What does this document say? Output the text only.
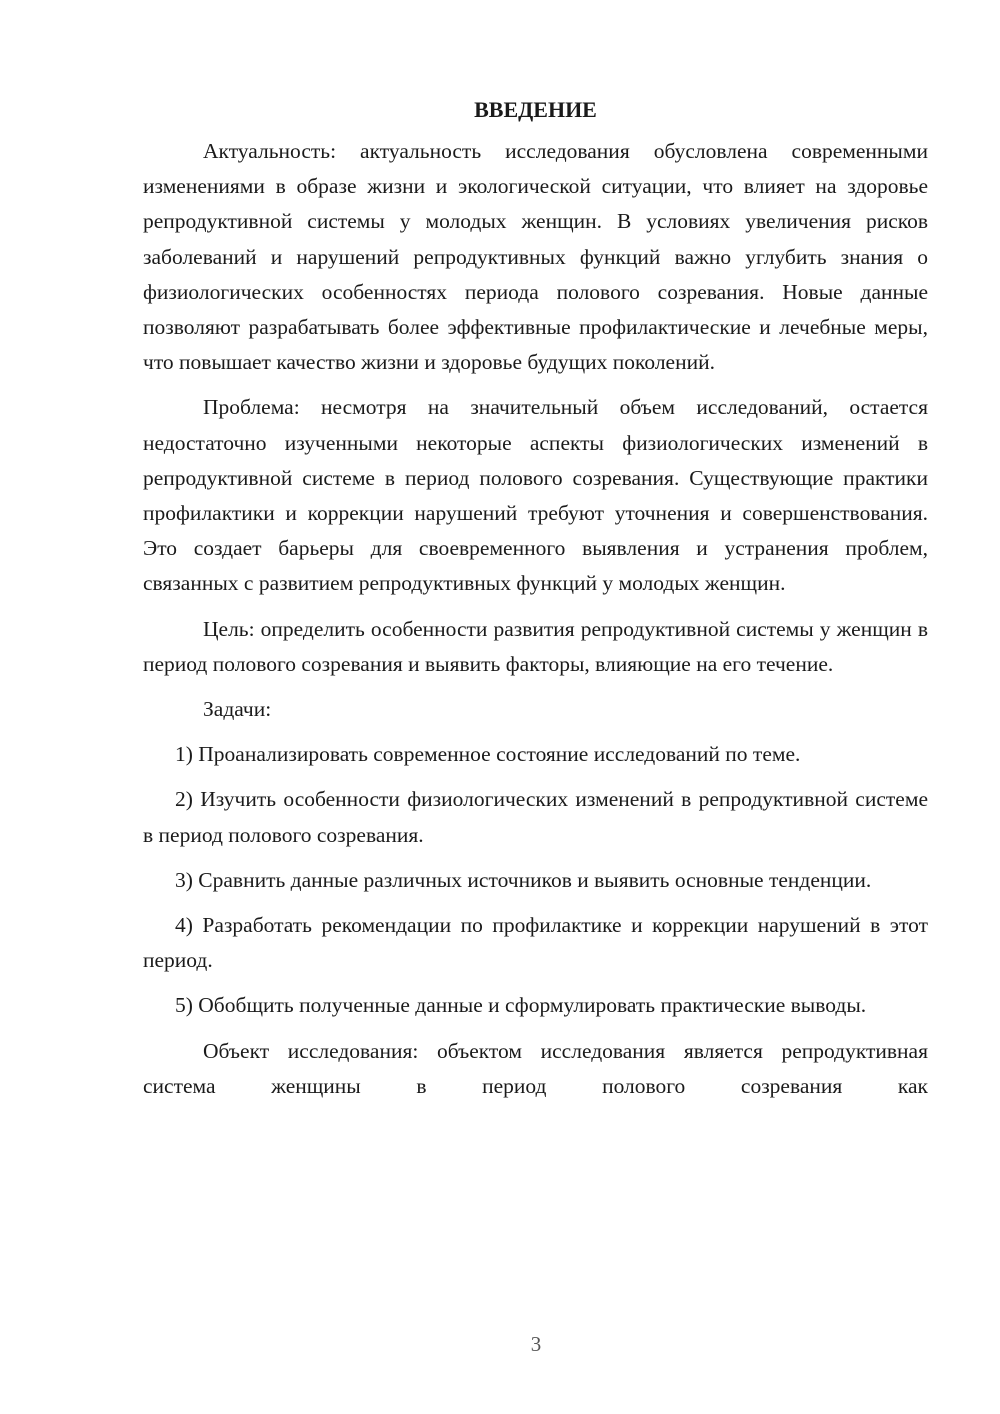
ВВЕДЕНИЕ

Актуальность: актуальность исследования обусловлена современными изменениями в образе жизни и экологической ситуации, что влияет на здоровье репродуктивной системы у молодых женщин. В условиях увеличения рисков заболеваний и нарушений репродуктивных функций важно углубить знания о физиологических особенностях периода полового созревания. Новые данные позволяют разрабатывать более эффективные профилактические и лечебные меры, что повышает качество жизни и здоровье будущих поколений.

Проблема: несмотря на значительный объем исследований, остается недостаточно изученными некоторые аспекты физиологических изменений в репродуктивной системе в период полового созревания. Существующие практики профилактики и коррекции нарушений требуют уточнения и совершенствования. Это создает барьеры для своевременного выявления и устранения проблем, связанных с развитием репродуктивных функций у молодых женщин.

Цель: определить особенности развития репродуктивной системы у женщин в период полового созревания и выявить факторы, влияющие на его течение.

Задачи:

1) Проанализировать современное состояние исследований по теме.

2) Изучить особенности физиологических изменений в репродуктивной системе в период полового созревания.

3) Сравнить данные различных источников и выявить основные тенденции.

4) Разработать рекомендации по профилактике и коррекции нарушений в этот период.

5) Обобщить полученные данные и сформулировать практические выводы.

Объект исследования: объектом исследования является репродуктивная система женщины в период полового созревания как

3
